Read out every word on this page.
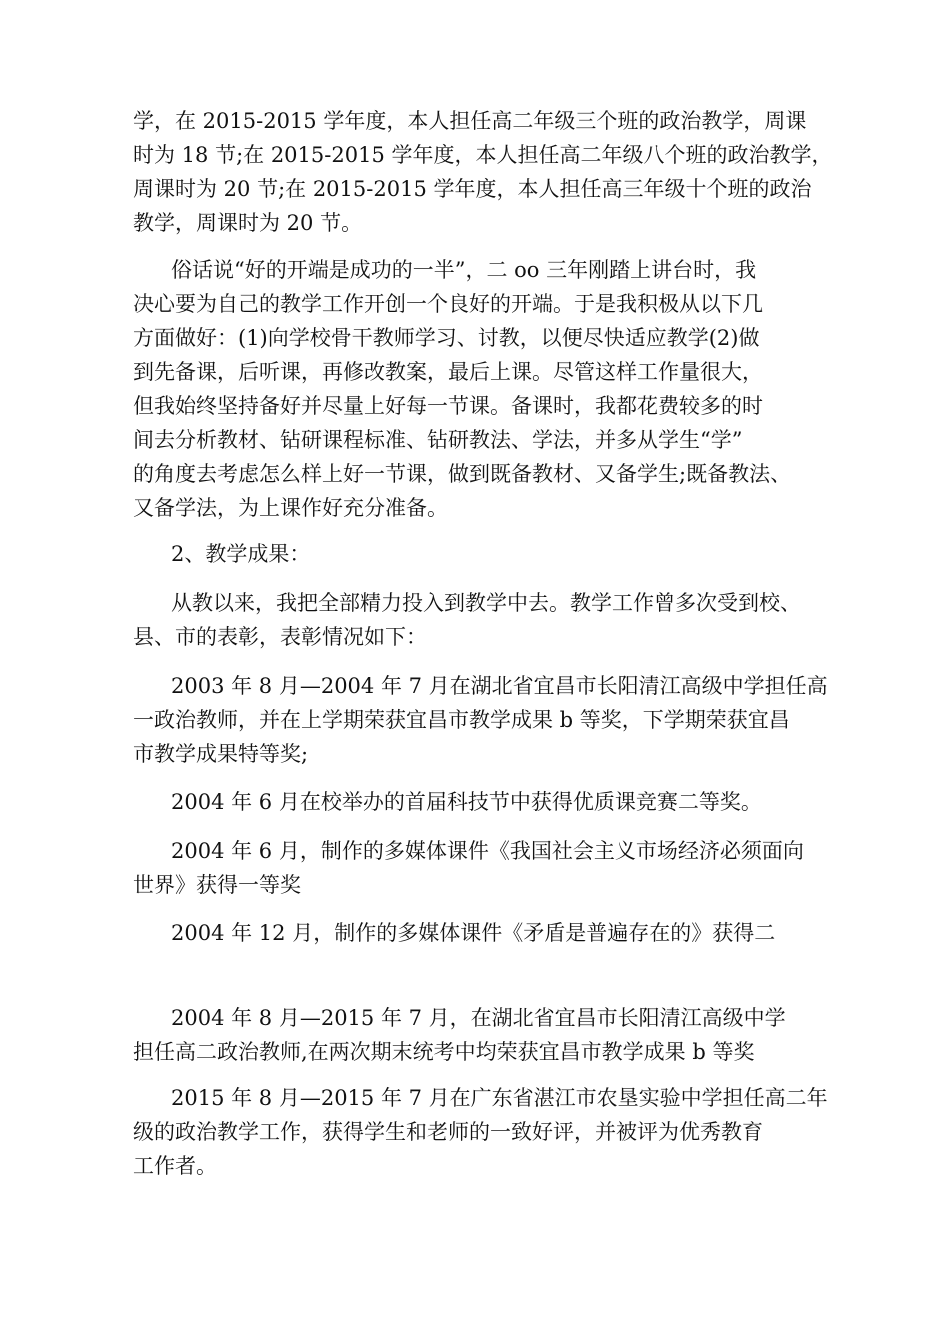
学，在 2015-2015 学年度，本人担任高二年级三个班的政治教学，周课
时为 18 节;在 2015-2015 学年度，本人担任高二年级八个班的政治教学，
周课时为 20 节;在 2015-2015 学年度，本人担任高三年级十个班的政治
教学，周课时为 20 节。

俗话说“好的开端是成功的一半”，二 oo 三年刚踏上讲台时，我
决心要为自己的教学工作开创一个良好的开端。于是我积极从以下几
方面做好：(1)向学校骨干教师学习、讨教，以便尽快适应教学(2)做
到先备课，后听课，再修改教案，最后上课。尽管这样工作量很大，
但我始终坚持备好并尽量上好每一节课。备课时，我都花费较多的时
间去分析教材、钻研课程标准、钻研教法、学法，并多从学生“学”
的角度去考虑怎么样上好一节课，做到既备教材、又备学生;既备教法、
又备学法，为上课作好充分准备。

2、教学成果：

从教以来，我把全部精力投入到教学中去。教学工作曾多次受到校、
县、市的表彰，表彰情况如下：

2003 年 8 月—2004 年 7 月在湖北省宜昌市长阳清江高级中学担任高
一政治教师，并在上学期荣获宜昌市教学成果 b 等奖，下学期荣获宜昌
市教学成果特等奖;

2004 年 6 月在校举办的首届科技节中获得优质课竞赛二等奖。

2004 年 6 月，制作的多媒体课件《我国社会主义市场经济必须面向
世界》获得一等奖

2004 年 12 月，制作的多媒体课件《矛盾是普遍存在的》获得二

2004 年 8 月—2015 年 7 月，在湖北省宜昌市长阳清江高级中学
担任高二政治教师,在两次期末统考中均荣获宜昌市教学成果 b 等奖

2015 年 8 月—2015 年 7 月在广东省湛江市农垦实验中学担任高二年
级的政治教学工作，获得学生和老师的一致好评，并被评为优秀教育
工作者。
